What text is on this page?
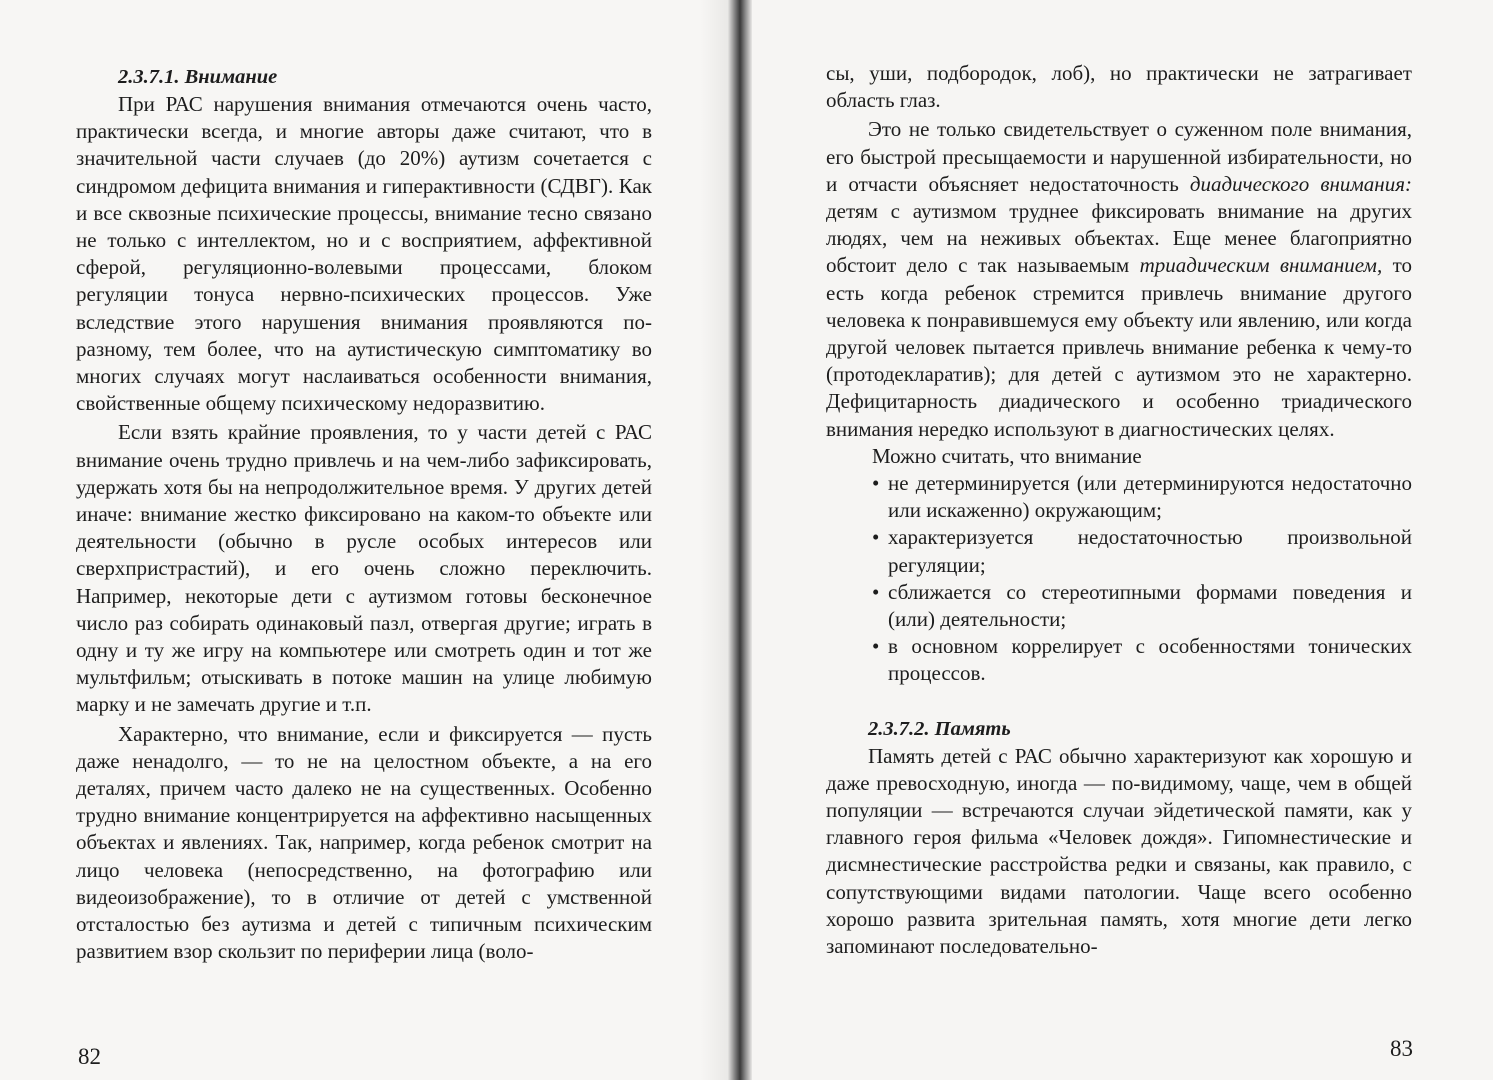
2.3.7.1. Внимание

При РАС нарушения внимания отмечаются очень часто, практически всегда, и многие авторы даже считают, что в значительной части случаев (до 20%) аутизм сочетается с синдромом дефицита внимания и гиперактивности (СДВГ). Как и все сквозные психические процессы, внимание тесно связано не только с интеллектом, но и с восприятием, аффективной сферой, регуляционно-волевыми процессами, блоком регуляции тонуса нервно-психических процессов. Уже вследствие этого нарушения внимания проявляются по-разному, тем более, что на аутистическую симптоматику во многих случаях могут наслаиваться особенности внимания, свойственные общему психическому недоразвитию.

Если взять крайние проявления, то у части детей с РАС внимание очень трудно привлечь и на чем-либо зафиксировать, удержать хотя бы на непродолжительное время. У других детей иначе: внимание жестко фиксировано на каком-то объекте или деятельности (обычно в русле особых интересов или сверхпристрастий), и его очень сложно переключить. Например, некоторые дети с аутизмом готовы бесконечное число раз собирать одинаковый пазл, отвергая другие; играть в одну и ту же игру на компьютере или смотреть один и тот же мультфильм; отыскивать в потоке машин на улице любимую марку и не замечать другие и т.п.

Характерно, что внимание, если и фиксируется — пусть даже ненадолго, — то не на целостном объекте, а на его деталях, причем часто далеко не на существенных. Особенно трудно внимание концентрируется на аффективно насыщенных объектах и явлениях. Так, например, когда ребенок смотрит на лицо человека (непосредственно, на фотографию или видеоизображение), то в отличие от детей с умственной отсталостью без аутизма и детей с типичным психическим развитием взор скользит по периферии лица (воло-

сы, уши, подбородок, лоб), но практически не затрагивает область глаз.

Это не только свидетельствует о суженном поле внимания, его быстрой пресыщаемости и нарушенной избирательности, но и отчасти объясняет недостаточность диадического внимания: детям с аутизмом труднее фиксировать внимание на других людях, чем на неживых объектах. Еще менее благоприятно обстоит дело с так называемым триадическим вниманием, то есть когда ребенок стремится привлечь внимание другого человека к понравившемуся ему объекту или явлению, или когда другой человек пытается привлечь внимание ребенка к чему-то (протодекларатив); для детей с аутизмом это не характерно. Дефицитарность диадического и особенно триадического внимания нередко используют в диагностических целях.

Можно считать, что внимание

• не детерминируется (или детерминируются недостаточно или искаженно) окружающим;
• характеризуется недостаточностью произвольной регуляции;
• сближается со стереотипными формами поведения и (или) деятельности;
• в основном коррелирует с особенностями тонических процессов.
2.3.7.2. Память

Память детей с РАС обычно характеризуют как хорошую и даже превосходную, иногда — по-видимому, чаще, чем в общей популяции — встречаются случаи эйдетической памяти, как у главного героя фильма «Человек дождя». Гипомнестические и дисмнестические расстройства редки и связаны, как правило, с сопутствующими видами патологии. Чаще всего особенно хорошо развита зрительная память, хотя многие дети легко запоминают последовательно-

82	83
